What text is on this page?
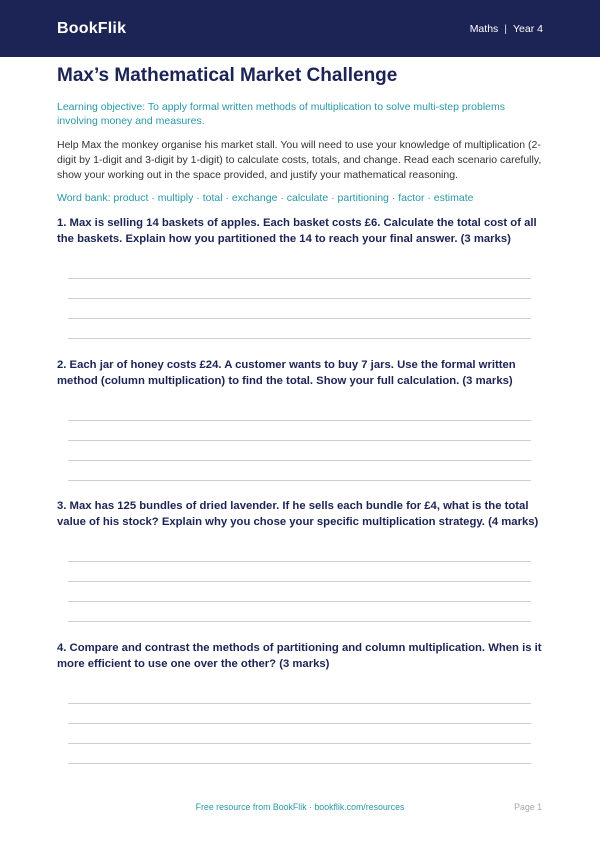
BookFlik	Maths | Year 4
Max’s Mathematical Market Challenge
Learning objective: To apply formal written methods of multiplication to solve multi-step problems involving money and measures.
Help Max the monkey organise his market stall. You will need to use your knowledge of multiplication (2-digit by 1-digit and 3-digit by 1-digit) to calculate costs, totals, and change. Read each scenario carefully, show your working out in the space provided, and justify your mathematical reasoning.
Word bank: product · multiply · total · exchange · calculate · partitioning · factor · estimate
1. Max is selling 14 baskets of apples. Each basket costs £6. Calculate the total cost of all the baskets. Explain how you partitioned the 14 to reach your final answer. (3 marks)
2. Each jar of honey costs £24. A customer wants to buy 7 jars. Use the formal written method (column multiplication) to find the total. Show your full calculation. (3 marks)
3. Max has 125 bundles of dried lavender. If he sells each bundle for £4, what is the total value of his stock? Explain why you chose your specific multiplication strategy. (4 marks)
4. Compare and contrast the methods of partitioning and column multiplication. When is it more efficient to use one over the other? (3 marks)
Free resource from BookFlik · bookflik.com/resources	Page 1
